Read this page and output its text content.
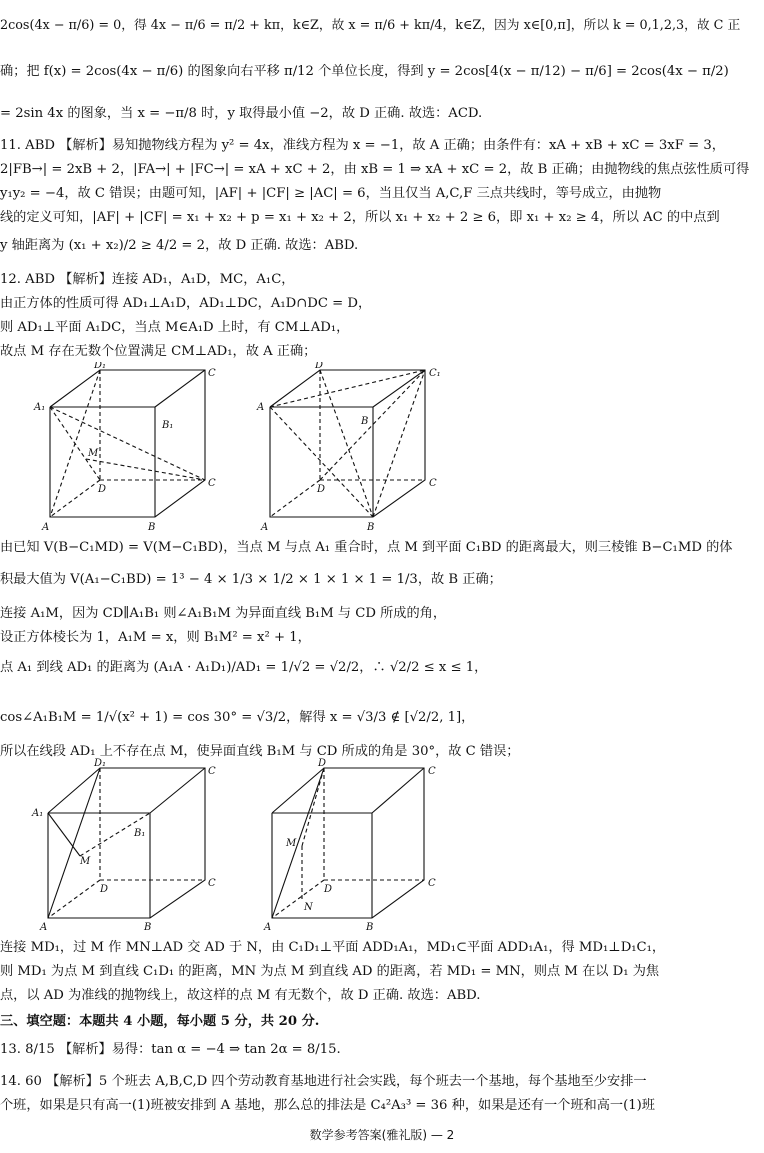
2cos(4x − π/6) = 0，得 4x − π/6 = π/2 + kπ，k∈Z，故 x = π/6 + kπ/4，k∈Z，因为 x∈[0,π]，所以 k = 0,1,2,3，故 C 正
确；把 f(x) = 2cos(4x − π/6) 的图象向右平移 π/12 个单位长度，得到 y = 2cos[4(x − π/12) − π/6] = 2cos(4x − π/2)
= 2sin 4x 的图象，当 x = −π/8 时，y 取得最小值 −2，故 D 正确. 故选：ACD.
11. ABD 【解析】易知抛物线方程为 y² = 4x，准线方程为 x = −1，故 A 正确；由条件有：xA + xB + xC = 3xF = 3，
2|FB→| = 2xB + 2，|FA→| + |FC→| = xA + xC + 2，由 xB = 1 ⇒ xA + xC = 2，故 B 正确；由抛物线的焦点弦性质可得
y₁y₂ = −4，故 C 错误；由题可知，|AF| + |CF| ≥ |AC| = 6，当且仅当 A,C,F 三点共线时，等号成立，由抛物
线的定义可知，|AF| + |CF| = x₁ + x₂ + p = x₁ + x₂ + 2，所以 x₁ + x₂ + 2 ≥ 6，即 x₁ + x₂ ≥ 4，所以 AC 的中点到
y 轴距离为 (x₁ + x₂)/2 ≥ 4/2 = 2，故 D 正确. 故选：ABD.
12. ABD 【解析】连接 AD₁，A₁D，MC，A₁C，
由正方体的性质可得 AD₁⊥A₁D，AD₁⊥DC，A₁D∩DC = D，
则 AD₁⊥平面 A₁DC，当点 M∈A₁D 上时，有 CM⊥AD₁，
故点 M 存在无数个位置满足 CM⊥AD₁，故 A 正确；
D₁
C
A₁
B₁
M
D
C
A	B
D
C₁
A
B
D
C
A	B
由已知 V(B−C₁MD) = V(M−C₁BD)，当点 M 与点 A₁ 重合时，点 M 到平面 C₁BD 的距离最大，则三棱锥 B−C₁MD 的体
积最大值为 V(A₁−C₁BD) = 1³ − 4 × 1/3 × 1/2 × 1 × 1 × 1 = 1/3，故 B 正确；
连接 A₁M，因为 CD∥A₁B₁ 则∠A₁B₁M 为异面直线 B₁M 与 CD 所成的角，
设正方体棱长为 1，A₁M = x，则 B₁M² = x² + 1，
点 A₁ 到线 AD₁ 的距离为 (A₁A · A₁D₁)/AD₁ = 1/√2 = √2/2，∴ √2/2 ≤ x ≤ 1，
cos∠A₁B₁M = 1/√(x² + 1) = cos 30° = √3/2，解得 x = √3/3 ∉ [√2/2, 1]，
所以在线段 AD₁ 上不存在点 M，使异面直线 B₁M 与 CD 所成的角是 30°，故 C 错误；
D₁
C
A₁
B₁
M
D
C
A	B
D
C
M
D
C
A
N
B
连接 MD₁，过 M 作 MN⊥AD 交 AD 于 N，由 C₁D₁⊥平面 ADD₁A₁，MD₁⊂平面 ADD₁A₁，得 MD₁⊥D₁C₁，
则 MD₁ 为点 M 到直线 C₁D₁ 的距离，MN 为点 M 到直线 AD 的距离，若 MD₁ = MN，则点 M 在以 D₁ 为焦
点，以 AD 为准线的抛物线上，故这样的点 M 有无数个，故 D 正确. 故选：ABD.
三、填空题：本题共 4 小题，每小题 5 分，共 20 分.
13. 8/15 【解析】易得：tan α = −4 ⇒ tan 2α = 8/15.
14. 60 【解析】5 个班去 A,B,C,D 四个劳动教育基地进行社会实践，每个班去一个基地，每个基地至少安排一
个班，如果是只有高一(1)班被安排到 A 基地，那么总的排法是 C₄²A₃³ = 36 种，如果是还有一个班和高一(1)班
数学参考答案(雅礼版) — 2
